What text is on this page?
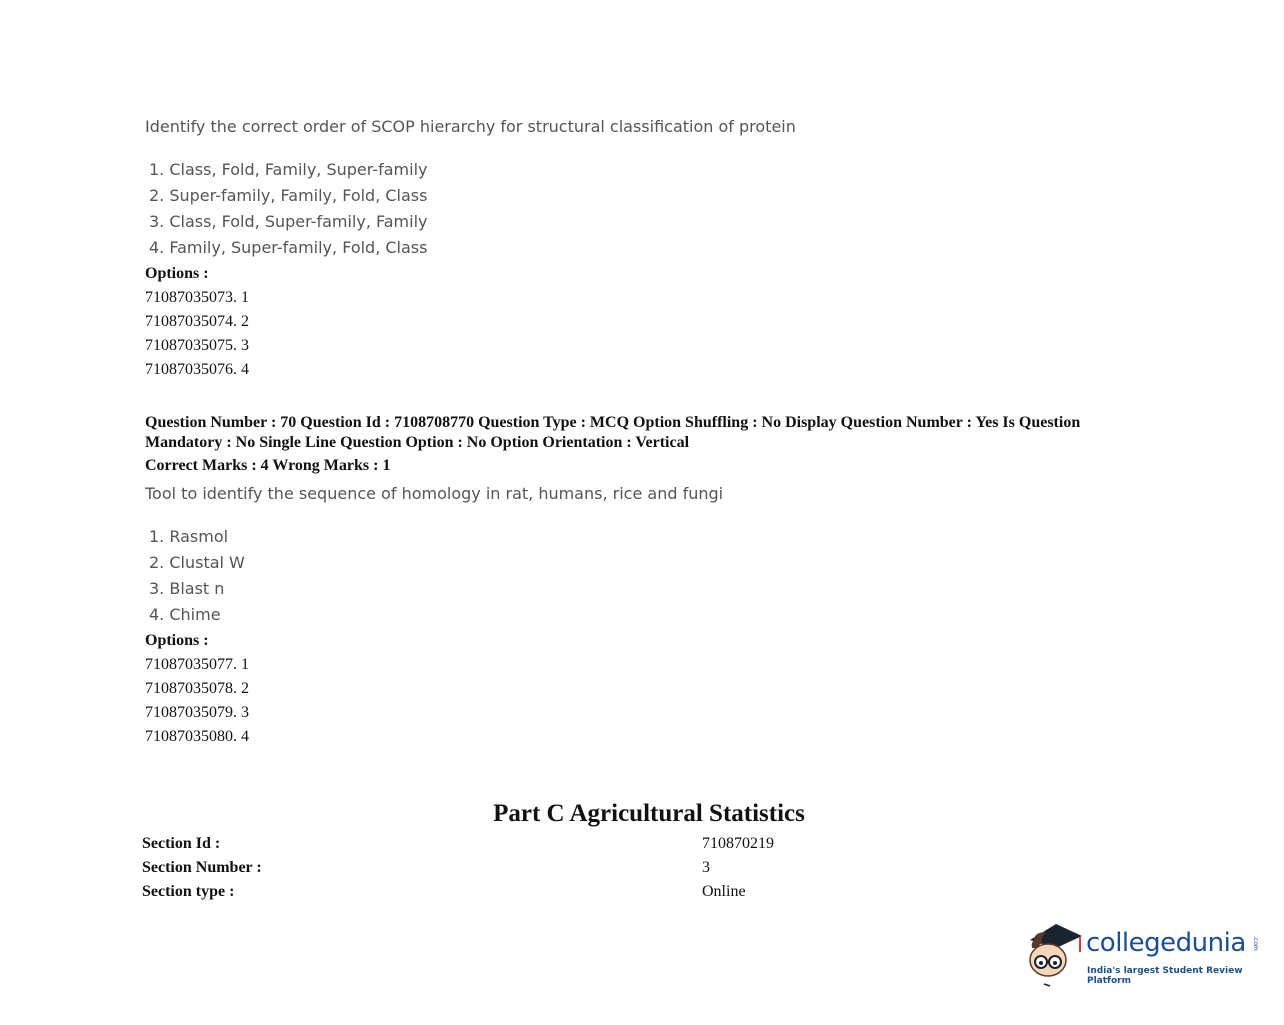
Identify the correct order of SCOP hierarchy for structural classification of protein
1. Class, Fold, Family, Super-family
2. Super-family, Family, Fold, Class
3. Class, Fold, Super-family, Family
4. Family, Super-family, Fold, Class
Options :
71087035073. 1
71087035074. 2
71087035075. 3
71087035076. 4
Question Number : 70 Question Id : 7108708770 Question Type : MCQ Option Shuffling : No Display Question Number : Yes Is Question Mandatory : No Single Line Question Option : No Option Orientation : Vertical
Correct Marks : 4 Wrong Marks : 1
Tool to identify the sequence of homology in rat, humans, rice and fungi
1. Rasmol
2. Clustal W
3. Blast n
4. Chime
Options :
71087035077. 1
71087035078. 2
71087035079. 3
71087035080. 4
Part C Agricultural Statistics
Section Id :	710870219
Section Number :	3
Section type :	Online
collegedunia .com
India's largest Student Review Platform
